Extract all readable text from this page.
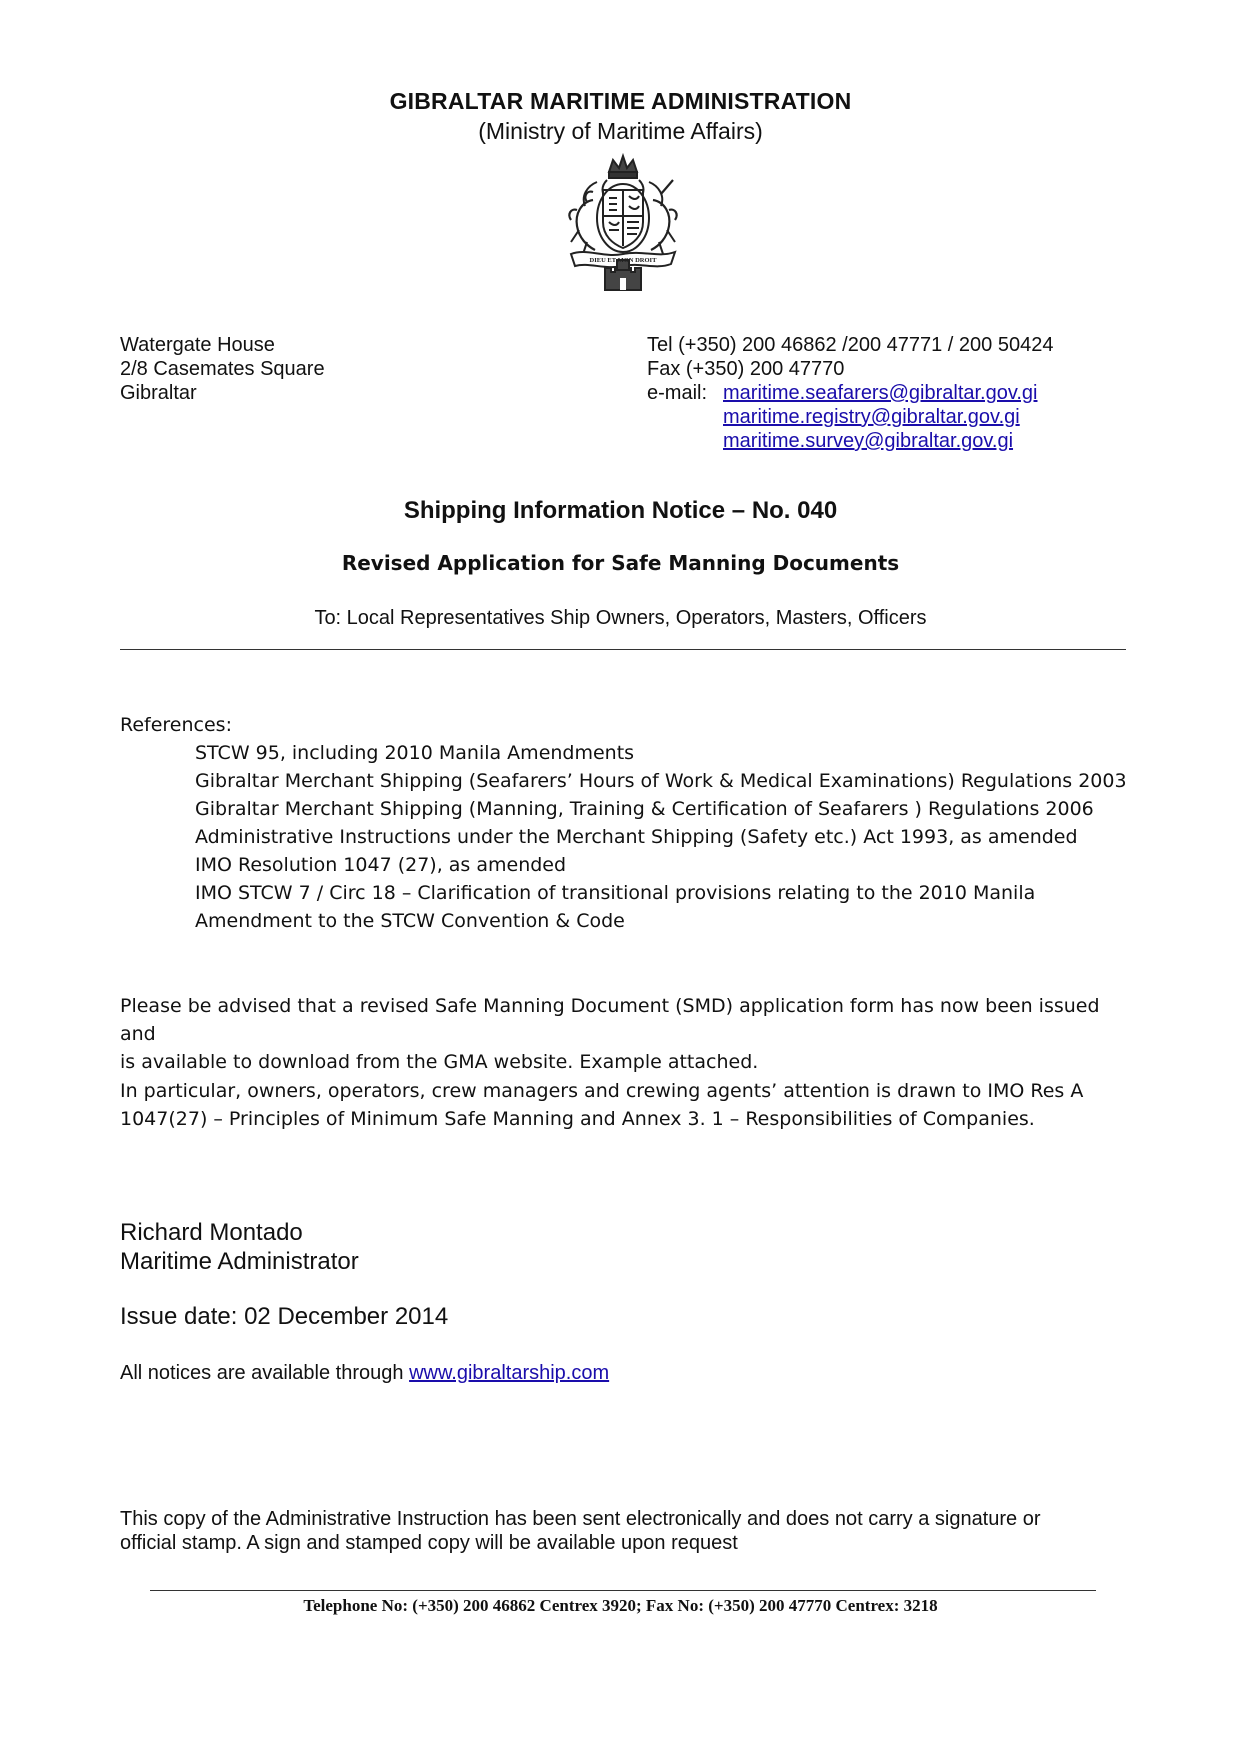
GIBRALTAR MARITIME ADMINISTRATION
(Ministry of Maritime Affairs)
DIEU ET MON DROIT
Watergate House
2/8 Casemates Square
Gibraltar
Tel (+350) 200 46862 /200 47771 / 200 50424
Fax (+350) 200 47770
e-mail: maritime.seafarers@gibraltar.gov.gi
maritime.registry@gibraltar.gov.gi
maritime.survey@gibraltar.gov.gi
Shipping Information Notice – No. 040
Revised Application for Safe Manning Documents
To: Local Representatives Ship Owners, Operators, Masters, Officers
References:
STCW 95, including 2010 Manila Amendments
Gibraltar Merchant Shipping (Seafarers’ Hours of Work & Medical Examinations) Regulations 2003
Gibraltar Merchant Shipping (Manning, Training & Certification of Seafarers ) Regulations 2006
Administrative Instructions under the Merchant Shipping (Safety etc.) Act 1993, as amended
IMO Resolution 1047 (27), as amended
IMO STCW 7 / Circ 18 – Clarification of transitional provisions relating to the 2010 Manila
Amendment to the STCW Convention & Code
Please be advised that a revised Safe Manning Document (SMD) application form has now been issued and
is available to download from the GMA website. Example attached.
In particular, owners, operators, crew managers and crewing agents’ attention is drawn to IMO Res A
1047(27) – Principles of Minimum Safe Manning and Annex 3. 1 – Responsibilities of Companies.
Richard Montado
Maritime Administrator
Issue date: 02 December 2014
All notices are available through www.gibraltarship.com
This copy of the Administrative Instruction has been sent electronically and does not carry a signature or
official stamp. A sign and stamped copy will be available upon request
Telephone No: (+350) 200 46862 Centrex 3920; Fax No: (+350) 200 47770 Centrex: 3218
